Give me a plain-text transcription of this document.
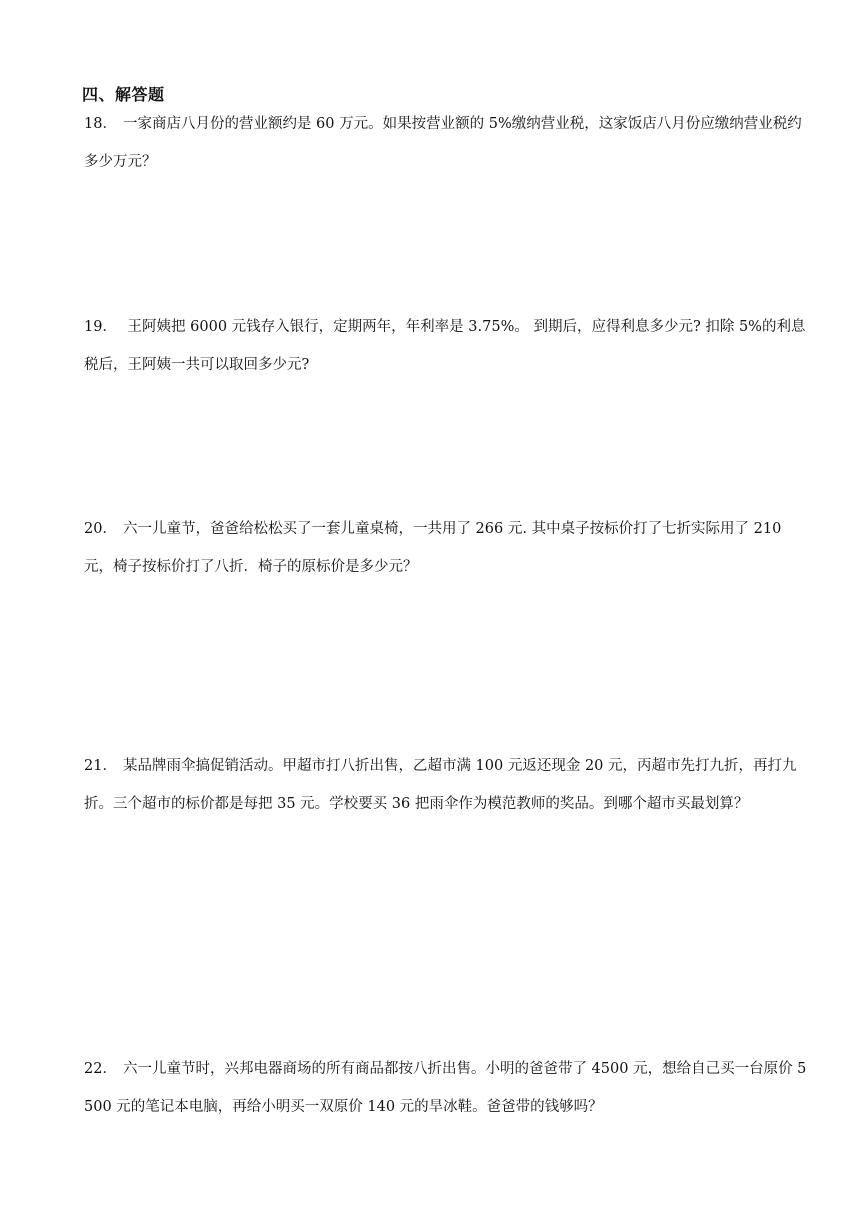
四、解答题
18． 一家商店八月份的营业额约是 60 万元。如果按营业额的 5%缴纳营业税，这家饭店八月份应缴纳营业税约多少万元？
19． 王阿姨把 6000 元钱存入银行，定期两年，年利率是 3.75%。 到期后，应得利息多少元? 扣除 5%的利息税后，王阿姨一共可以取回多少元?
20． 六一儿童节，爸爸给松松买了一套儿童桌椅，一共用了 266 元. 其中桌子按标价打了七折实际用了 210 元，椅子按标价打了八折．椅子的原标价是多少元？
21． 某品牌雨伞搞促销活动。甲超市打八折出售，乙超市满 100 元返还现金 20 元，丙超市先打九折，再打九折。三个超市的标价都是每把 35 元。学校要买 36 把雨伞作为模范教师的奖品。到哪个超市买最划算？
22． 六一儿童节时，兴邦电器商场的所有商品都按八折出售。小明的爸爸带了 4500 元，想给自己买一台原价 5500 元的笔记本电脑，再给小明买一双原价 140 元的旱冰鞋。爸爸带的钱够吗？
